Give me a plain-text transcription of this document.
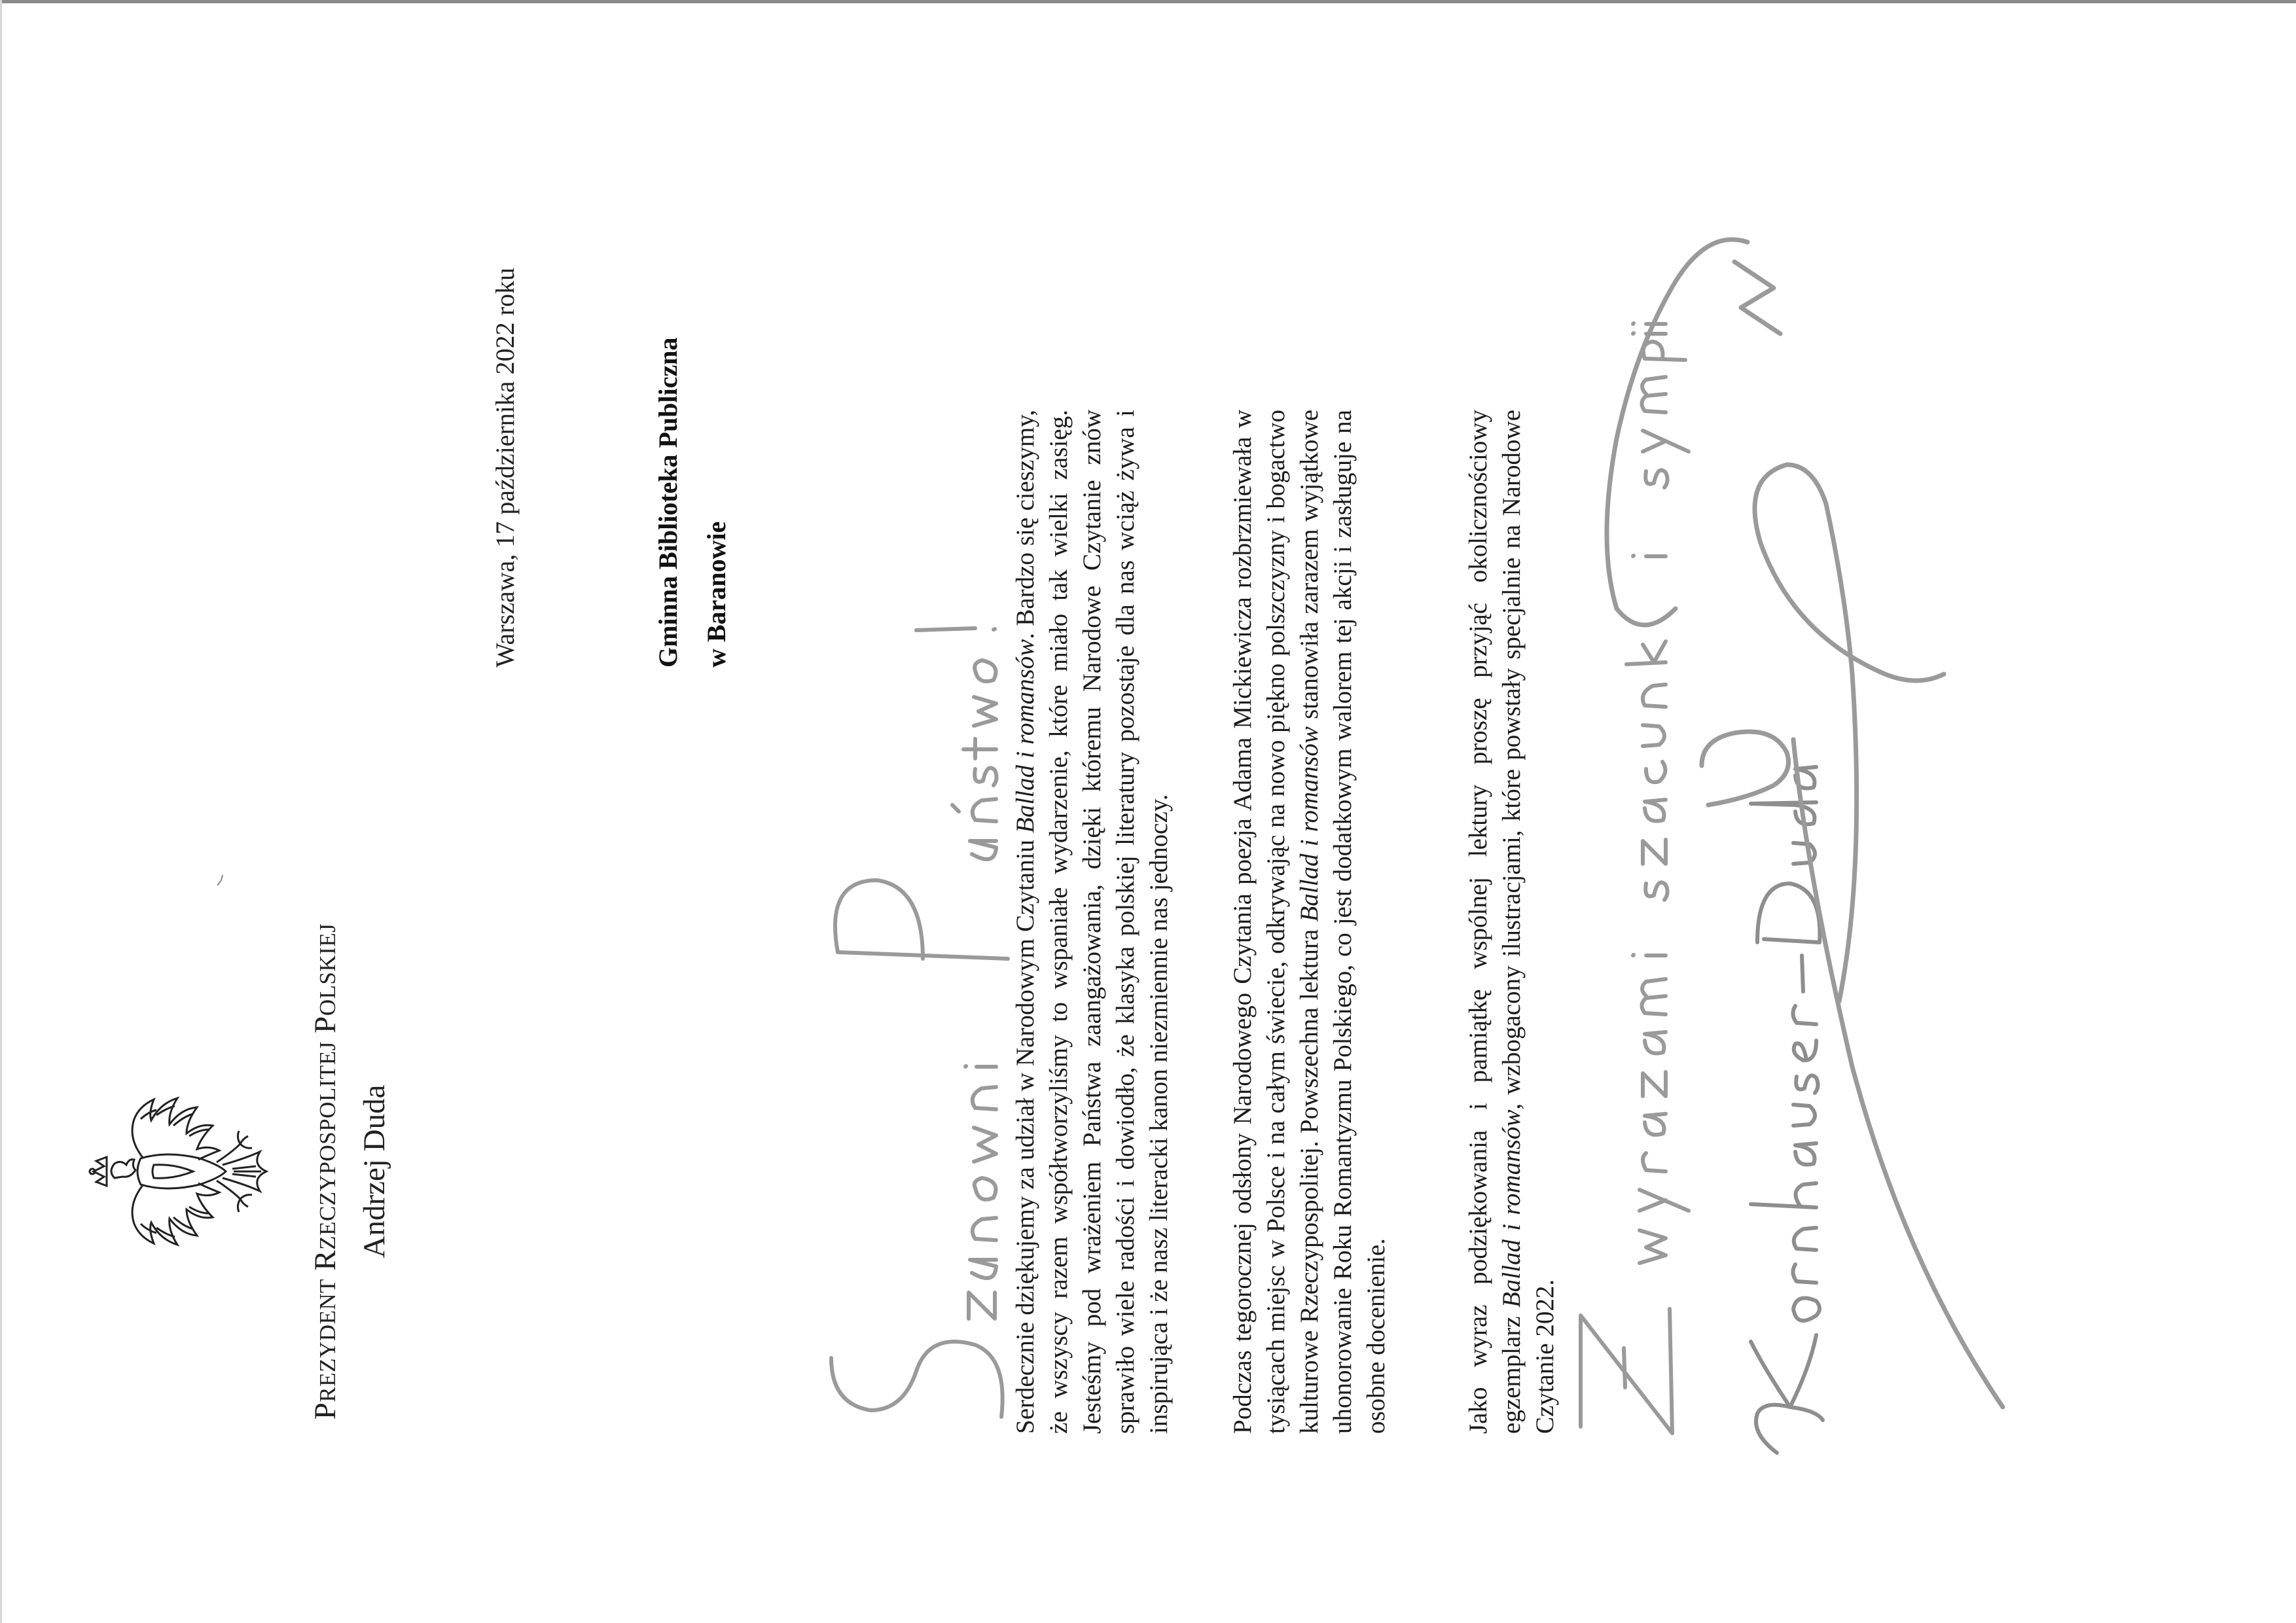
PREZYDENT RZECZYPOSPOLITEJ POLSKIEJ
Andrzej Duda
Warszawa, 17 października 2022 roku	Gminna Biblioteka Publiczna w Baranowie
Serdecznie dziękujemy za udział w Narodowym Czytaniu Ballad i romansów. Bardzo się cieszymy, że wszyscy razem współtworzyliśmy to wspaniałe wydarzenie, które miało tak wielki zasięg. Jesteśmy pod wrażeniem Państwa zaangażowania, dzięki któremu Narodowe Czytanie znów sprawiło wiele radości i dowiodło, że klasyka polskiej literatury pozostaje dla nas wciąż żywa i inspirująca i że nasz literacki kanon niezmiennie nas jednoczy. Podczas tegorocznej odsłony Narodowego Czytania poezja Adama Mickiewicza rozbrzmiewała w tysiącach miejsc w Polsce i na całym świecie, odkrywając na nowo piękno polszczyzny i bogactwo kulturowe Rzeczypospolitej. Powszechna lektura Ballad i romansów stanowiła zarazem wyjątkowe uhonorowanie Roku Romantyzmu Polskiego, co jest dodatkowym walorem tej akcji i zasługuje na osobne docenienie.	Jako wyraz podziękowania i pamiątkę wspólnej lektury proszę przyjąć okolicznościowy egzemplarz Ballad i romansów, wzbogacony ilustracjami, które powstały specjalnie na Narodowe Czytanie 2022.
